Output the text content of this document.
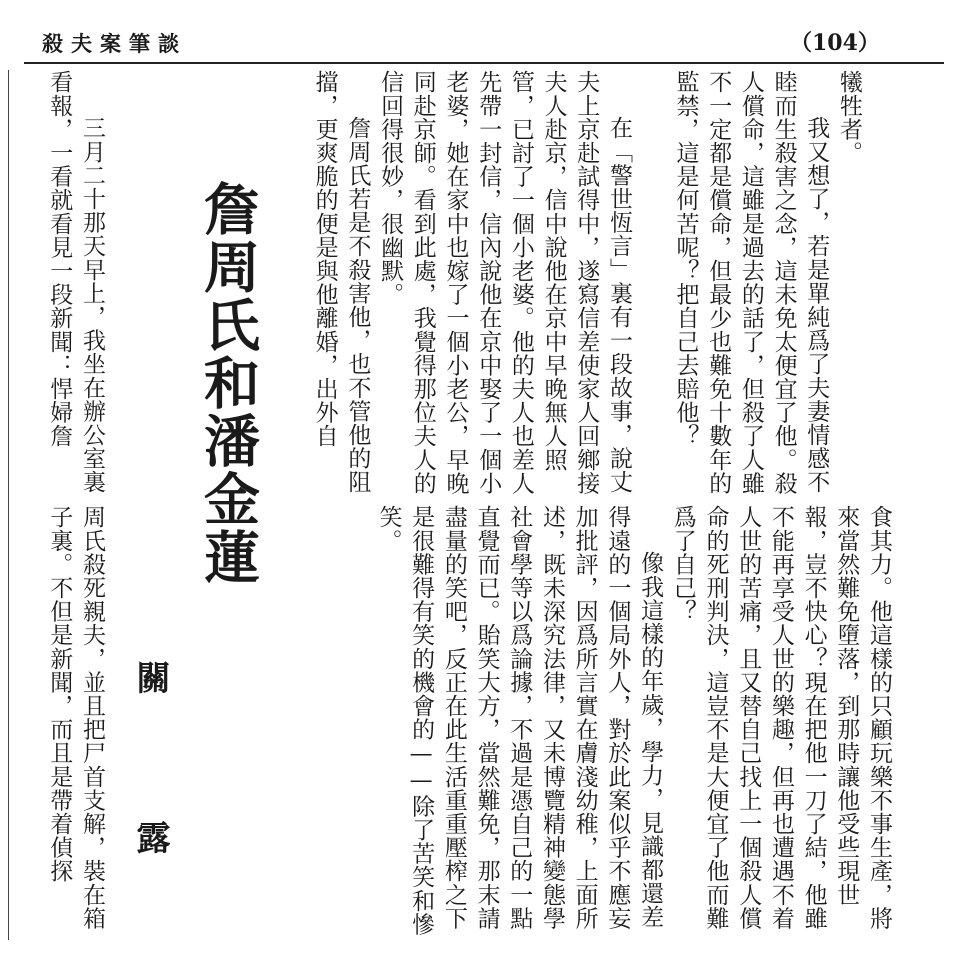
殺夫案筆談	（104）

犧牲者。

我又想了，若是單純爲了夫妻情感不睦而生殺害之念，這未免太便宜了他。殺人償命，這雖是過去的話了，但殺了人雖不一定都是償命，但最少也難免十數年的監禁，這是何苦呢？把自己去賠他？

在「警世恆言」裏有一段故事，說丈夫上京赴試得中，遂寫信差使家人回鄉接夫人赴京，信中說他在京中早晚無人照管，已討了一個小老婆。他的夫人也差人先帶一封信，信內說他在京中娶了一個小老婆，她在家中也嫁了一個小老公，早晚同赴京師。看到此處，我覺得那位夫人的信回得很妙，很幽默。

詹周氏若是不殺害他，也不管他的阻擋，更爽脆的便是與他離婚，出外自

食其力。他這樣的只顧玩樂不事生產，將來當然難免墮落，到那時讓他受些現世報，豈不快心？現在把他一刀了結，他雖不能再享受人世的樂趣，但再也遭遇不着人世的苦痛，且又替自己找上一個殺人償命的死刑判決，這豈不是大便宜了他而難爲了自己？

像我這樣的年歲，學力，見識都還差得遠的一個局外人，對於此案似乎不應妄加批評，因爲所言實在膚淺幼稚，上面所述，既未深究法律，又未博覽精神變態學社會學等以爲論據，不過是憑自己的一點直覺而已。貽笑大方，當然難免，那末請盡量的笑吧，反正在此生活重重壓榨之下是很難得有笑的機會的——除了苦笑和慘笑。

詹周氏和潘金蓮
關　露

三月二十那天早上，我坐在辦公室裏看報，一看就看見一段新聞：悍婦詹

周氏殺死親夫，並且把尸首支解，裝在箱子裏。不但是新聞，而且是帶着偵探
